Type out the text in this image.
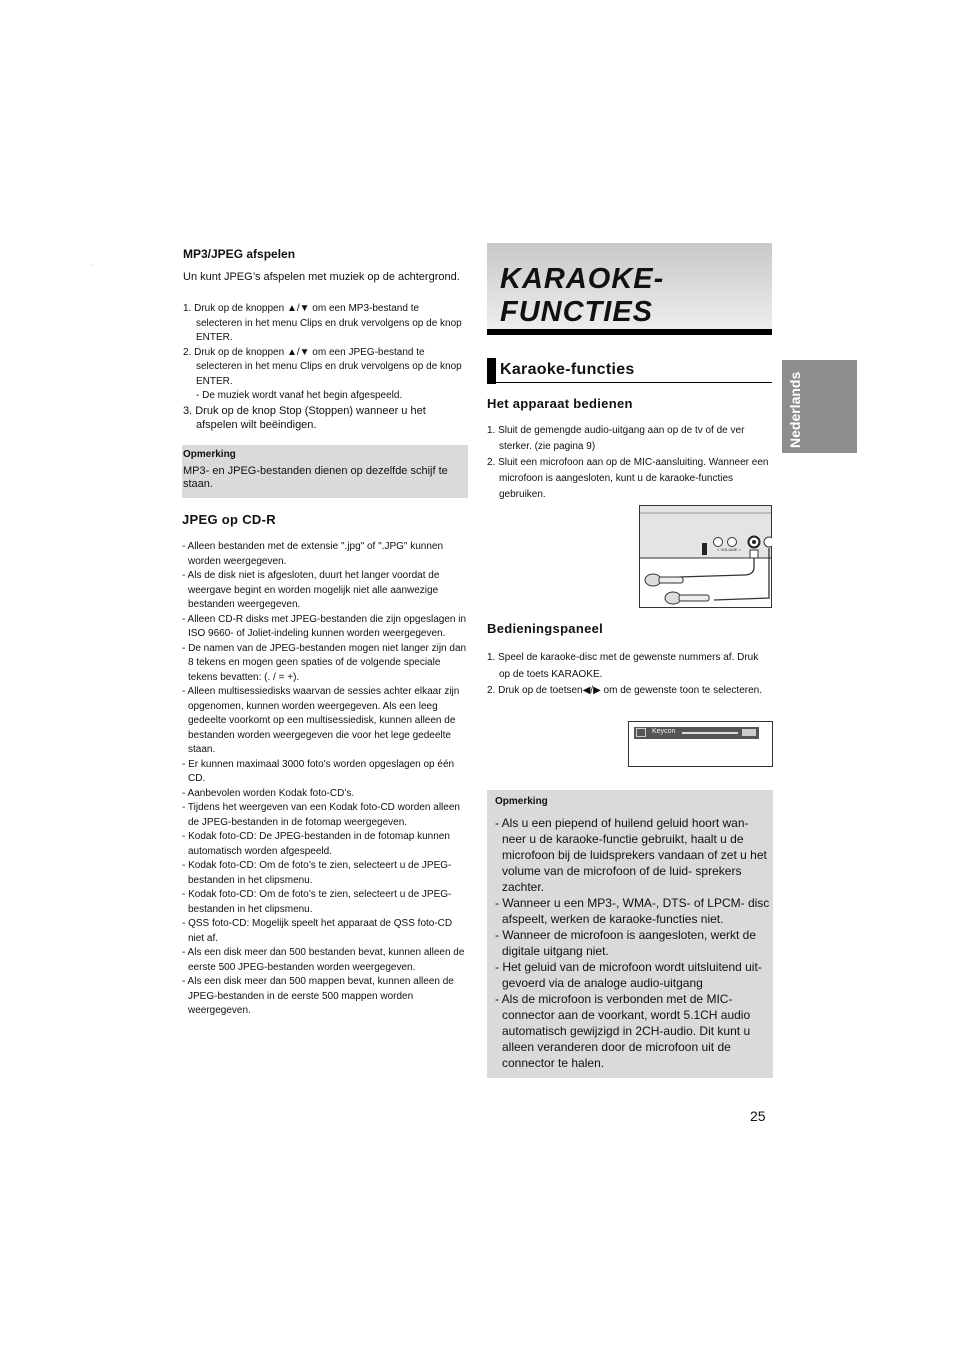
·
MP3/JPEG afspelen
Un kunt JPEG’s afspelen met muziek op de achtergrond.

1. Druk op de knoppen ▲/▼ om een MP3-bestand te selecteren in het menu Clips en druk vervolgens op de knop ENTER.

2. Druk op de knoppen ▲/▼ om een JPEG-bestand te selecteren in het menu Clips en druk vervolgens op de knop ENTER.

- De muziek wordt vanaf het begin afgespeeld.

3. Druk op de knop Stop (Stoppen) wanneer u het afspelen wilt beëindigen.

Opmerking
MP3- en JPEG-bestanden dienen op dezelfde schijf te staan.
JPEG op CD-R

- Alleen bestanden met de extensie ".jpg" of ".JPG" kunnen worden weergegeven.

- Als de disk niet is afgesloten, duurt het langer voordat de weergave begint en worden mogelijk niet alle aanwezige bestanden weergegeven.

- Alleen CD-R disks met JPEG-bestanden die zijn opgeslagen in ISO 9660- of Joliet-indeling kunnen worden weergegeven.

- De namen van de JPEG-bestanden mogen niet langer zijn dan 8 tekens en mogen geen spaties of de volgende speciale tekens bevatten: (. / = +).

- Alleen multisessiedisks waarvan de sessies achter elkaar zijn opgenomen, kunnen worden weergegeven. Als een leeg gedeelte voorkomt op een multisessiedisk, kunnen alleen de bestanden worden weergegeven die voor het lege gedeelte staan.

- Er kunnen maximaal 3000 foto's worden opgeslagen op één CD.

- Aanbevolen worden Kodak foto-CD’s.

- Tijdens het weergeven van een Kodak foto-CD worden alleen de JPEG-bestanden in de fotomap weergegeven.

- Kodak foto-CD: De JPEG-bestanden in de fotomap kunnen automatisch worden afgespeeld.

- Kodak foto-CD: Om de foto’s te zien, selecteert u de JPEG-bestanden in het clipsmenu.

- Kodak foto-CD: Om de foto’s te zien, selecteert u de JPEG-bestanden in het clipsmenu.

- QSS foto-CD: Mogelijk speelt het apparaat de QSS foto-CD niet af.

- Als een disk meer dan 500 bestanden bevat, kunnen alleen de eerste 500 JPEG-bestanden worden weergegeven.

- Als een disk meer dan 500 mappen bevat, kunnen alleen de JPEG-bestanden in de eerste 500 mappen worden weergegeven.

KARAOKE-
FUNCTIES
Karaoke-functies
Het apparaat bedienen

1. Sluit de gemengde audio-uitgang aan op de tv of de ver sterker. (zie pagina 9)

2. Sluit een microfoon aan op de MIC-aansluiting. Wanneer een microfoon is aangesloten, kunt u de karaoke-functies gebruiken.

< VOLUME >
Bedieningspaneel

1. Speel de karaoke-disc met de gewenste nummers af. Druk op de toets KARAOKE.

2. Druk op de toetsen◀/▶ om de gewenste toon te selecteren.

Keycon
Opmerking

- Als u een piepend of huilend geluid hoort wan- neer u de karaoke-functie gebruikt, haalt u de microfoon bij de luidsprekers vandaan of zet u het volume van de microfoon of de luid- sprekers zachter.

- Wanneer u een MP3-, WMA-, DTS- of LPCM- disc afspeelt, werken de karaoke-functies niet.

- Wanneer de microfoon is aangesloten, werkt de digitale uitgang niet.

- Het geluid van de microfoon wordt uitsluitend uit- gevoerd via de analoge audio-uitgang

- Als de microfoon is verbonden met de MIC- connector aan de voorkant, wordt 5.1CH audio automatisch gewijzigd in 2CH-audio. Dit kunt u alleen veranderen door de microfoon uit de connector te halen.

Nederlands
25
